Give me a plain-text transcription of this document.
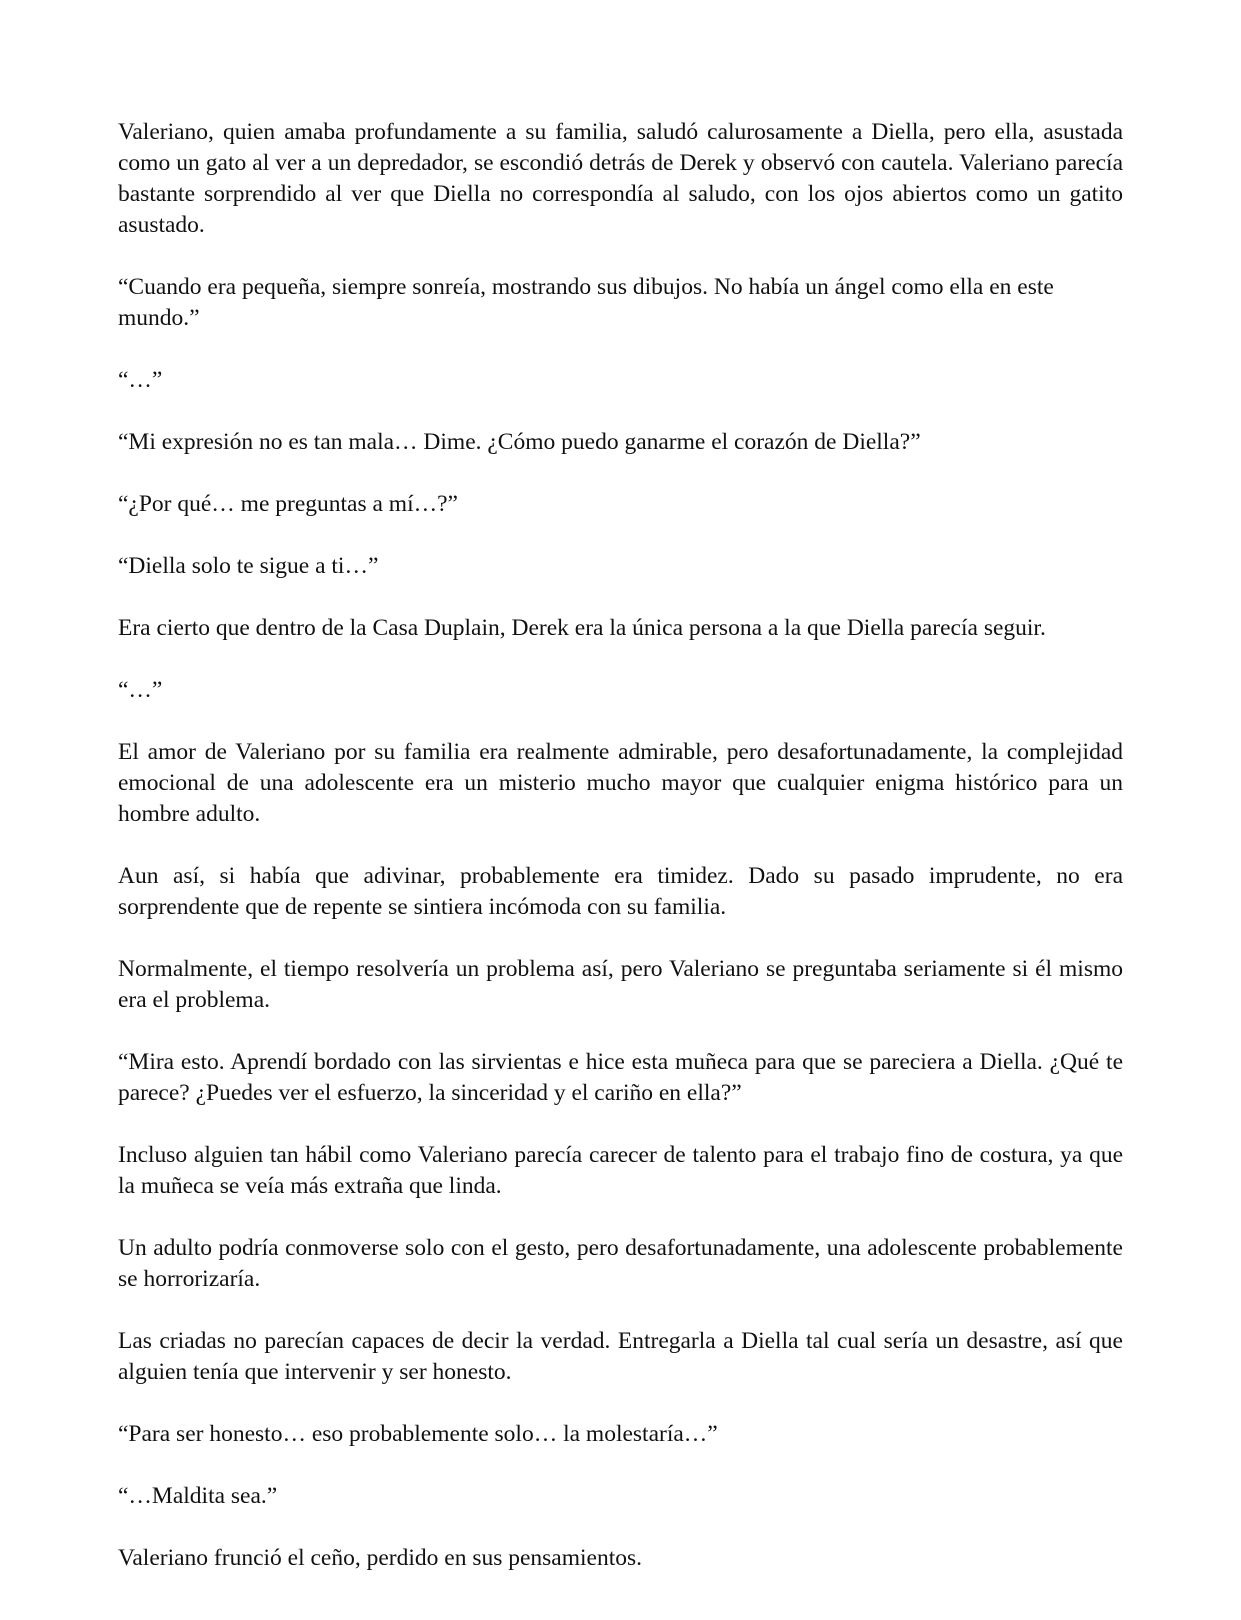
Valeriano, quien amaba profundamente a su familia, saludó calurosamente a Diella, pero ella, asustada como un gato al ver a un depredador, se escondió detrás de Derek y observó con cautela. Valeriano parecía bastante sorprendido al ver que Diella no correspondía al saludo, con los ojos abiertos como un gatito asustado.

“Cuando era pequeña, siempre sonreía, mostrando sus dibujos. No había un ángel como ella en este mundo.”

“…”

“Mi expresión no es tan mala… Dime. ¿Cómo puedo ganarme el corazón de Diella?”

“¿Por qué… me preguntas a mí…?”

“Diella solo te sigue a ti…”

Era cierto que dentro de la Casa Duplain, Derek era la única persona a la que Diella parecía seguir.

“…”

El amor de Valeriano por su familia era realmente admirable, pero desafortunadamente, la complejidad emocional de una adolescente era un misterio mucho mayor que cualquier enigma histórico para un hombre adulto.

Aun así, si había que adivinar, probablemente era timidez. Dado su pasado imprudente, no era sorprendente que de repente se sintiera incómoda con su familia.

Normalmente, el tiempo resolvería un problema así, pero Valeriano se preguntaba seriamente si él mismo era el problema.

“Mira esto. Aprendí bordado con las sirvientas e hice esta muñeca para que se pareciera a Diella. ¿Qué te parece? ¿Puedes ver el esfuerzo, la sinceridad y el cariño en ella?”

Incluso alguien tan hábil como Valeriano parecía carecer de talento para el trabajo fino de costura, ya que la muñeca se veía más extraña que linda.

Un adulto podría conmoverse solo con el gesto, pero desafortunadamente, una adolescente probablemente se horrorizaría.

Las criadas no parecían capaces de decir la verdad. Entregarla a Diella tal cual sería un desastre, así que alguien tenía que intervenir y ser honesto.

“Para ser honesto… eso probablemente solo… la molestaría…”

“…Maldita sea.”

Valeriano frunció el ceño, perdido en sus pensamientos.
